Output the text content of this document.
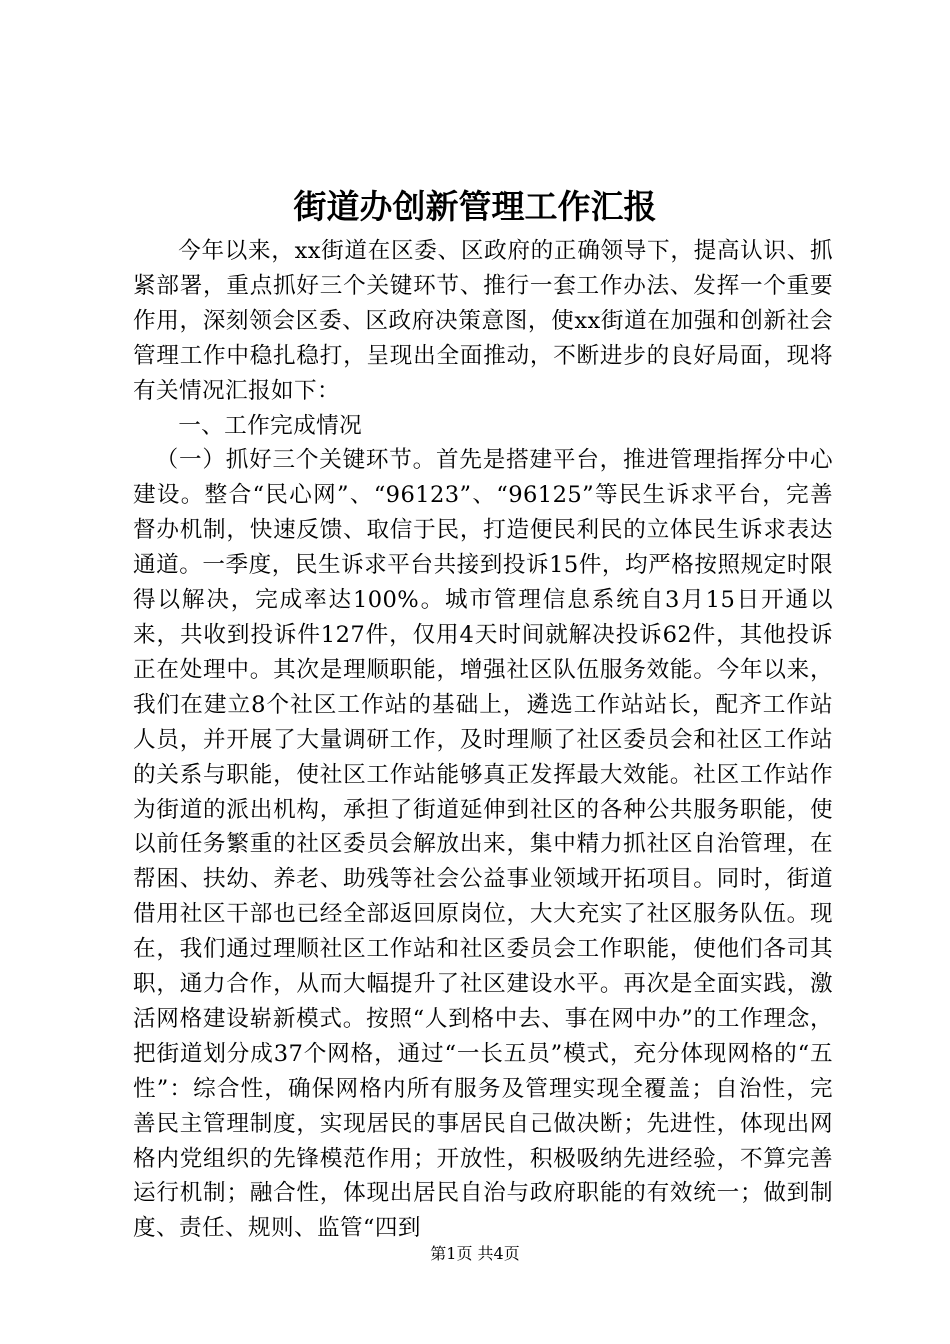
街道办创新管理工作汇报

今年以来，xx街道在区委、区政府的正确领导下，提高认识、抓紧部署，重点抓好三个关键环节、推行一套工作办法、发挥一个重要作用，深刻领会区委、区政府决策意图，使xx街道在加强和创新社会管理工作中稳扎稳打，呈现出全面推动，不断进步的良好局面，现将有关情况汇报如下：

一、工作完成情况

（一）抓好三个关键环节。首先是搭建平台，推进管理指挥分中心建设。整合“民心网”、“96123”、“96125”等民生诉求平台，完善督办机制，快速反馈、取信于民，打造便民利民的立体民生诉求表达通道。一季度，民生诉求平台共接到投诉15件，均严格按照规定时限得以解决，完成率达100%。城市管理信息系统自3月15日开通以来，共收到投诉件127件，仅用4天时间就解决投诉62件，其他投诉正在处理中。其次是理顺职能，增强社区队伍服务效能。今年以来，我们在建立8个社区工作站的基础上，遴选工作站站长，配齐工作站人员，并开展了大量调研工作，及时理顺了社区委员会和社区工作站的关系与职能，使社区工作站能够真正发挥最大效能。社区工作站作为街道的派出机构，承担了街道延伸到社区的各种公共服务职能，使以前任务繁重的社区委员会解放出来，集中精力抓社区自治管理，在帮困、扶幼、养老、助残等社会公益事业领域开拓项目。同时，街道借用社区干部也已经全部返回原岗位，大大充实了社区服务队伍。现在，我们通过理顺社区工作站和社区委员会工作职能，使他们各司其职，通力合作，从而大幅提升了社区建设水平。再次是全面实践，激活网格建设崭新模式。按照“人到格中去、事在网中办”的工作理念，把街道划分成37个网格，通过“一长五员”模式，充分体现网格的“五性”：综合性，确保网格内所有服务及管理实现全覆盖；自治性，完善民主管理制度，实现居民的事居民自己做决断；先进性，体现出网格内党组织的先锋模范作用；开放性，积极吸纳先进经验，不算完善运行机制；融合性，体现出居民自治与政府职能的有效统一；做到制度、责任、规则、监管“四到

第1页 共4页
